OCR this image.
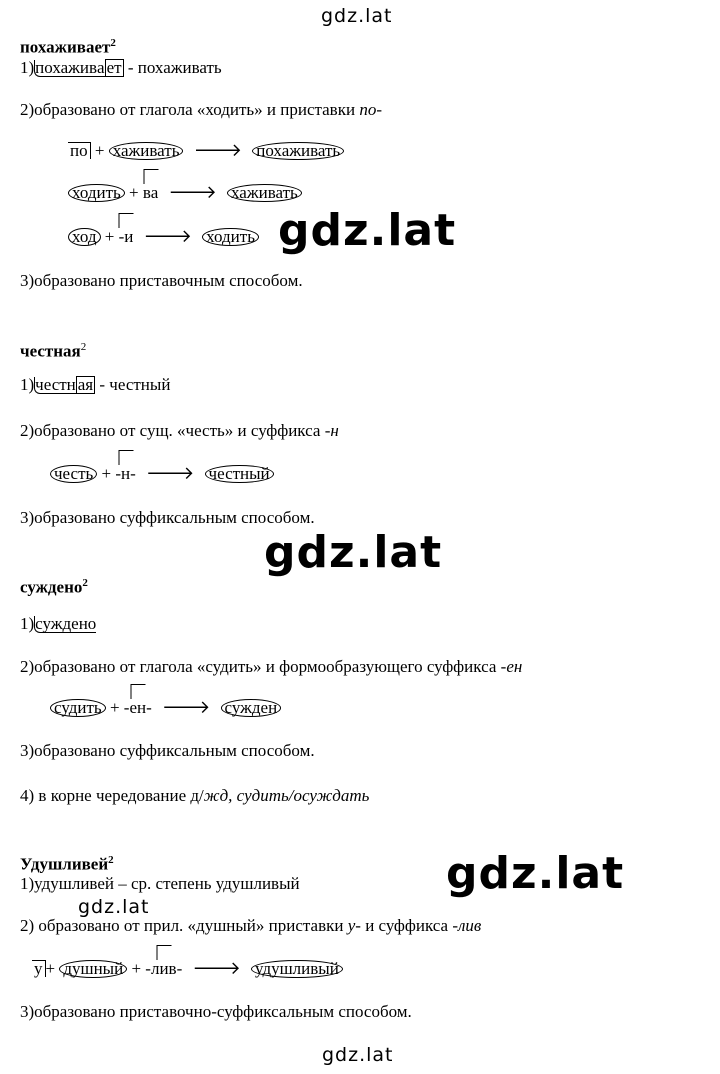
gdz.lat
gdz.lat
gdz.lat
gdz.lat
gdz.lat
gdz.lat
похаживает$^2$
1)похаживa ет - похаживать
2)образовано от глагола «ходить» и приставки по-
по + хаживать 🡒 похаживать
ходить + ва 🡒 хаживать
ход + -и 🡒 ходить
3)образовано приставочным способом.
честная$^2$
1)честн ая - честный
2)образовано от сущ. «честь» и суффикса -н
честь + -н- 🡒 честный
3)образовано суффиксальным способом.
суждено$^2$
1)суждено
2)образовано от глагола «судить» и формообразующего суффикса -ен
судить + -ен- 🡒 сужден
3)образовано суффиксальным способом.
4) в корне чередование д/жд, судить/осуждать
Удушливей$^2$
1)удушливей – ср. степень удушливый
2) образовано от прил. «душный» приставки у- и суффикса -лив
у + душный + -лив- 🡒 удушливый
3)образовано приставочно-суффиксальным способом.
